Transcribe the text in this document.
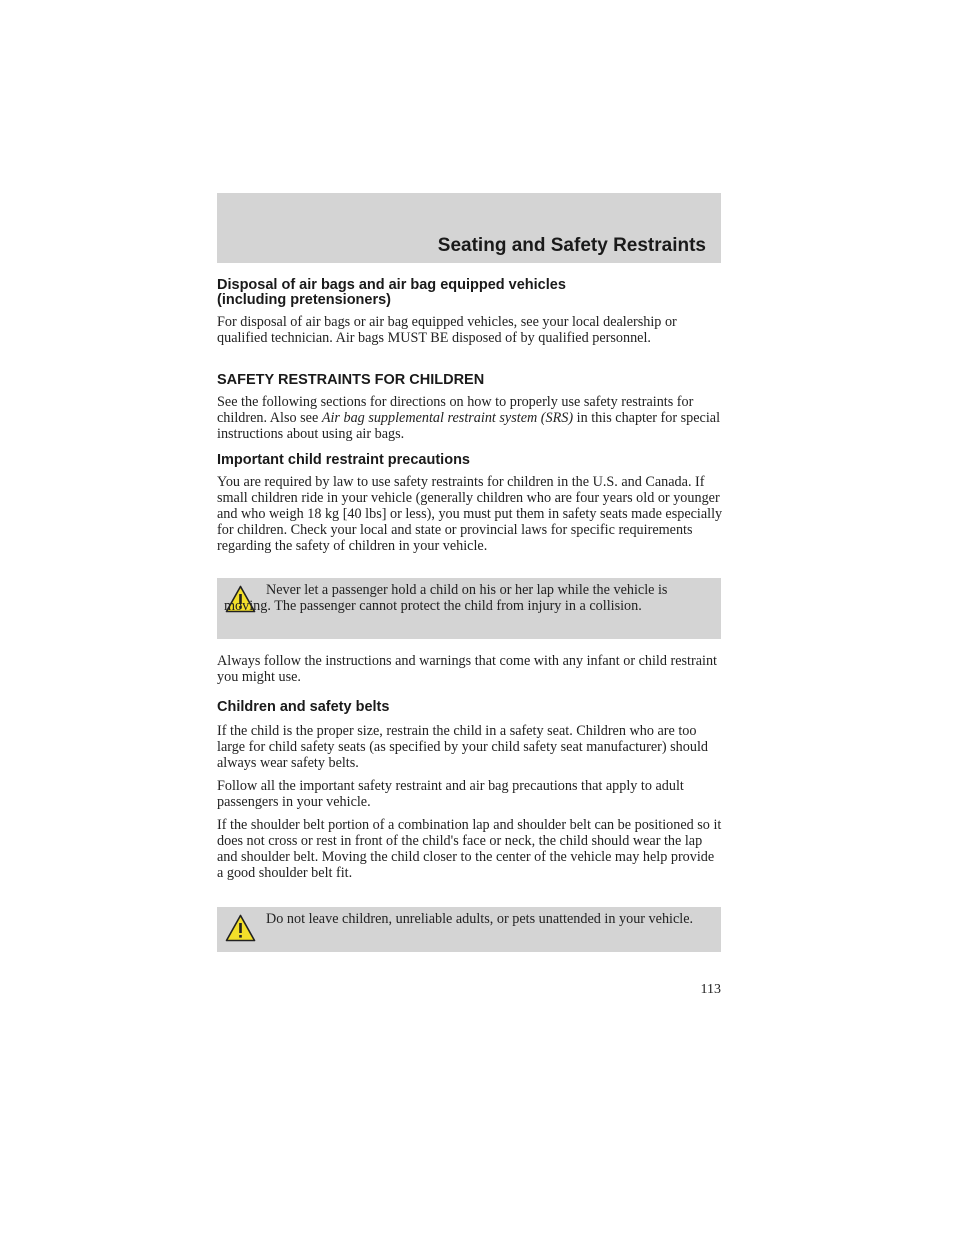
Seating and Safety Restraints
Disposal of air bags and air bag equipped vehicles
(including pretensioners)

For disposal of air bags or air bag equipped vehicles, see your local dealership or qualified technician. Air bags MUST BE disposed of by qualified personnel.

SAFETY RESTRAINTS FOR CHILDREN

See the following sections for directions on how to properly use safety restraints for children. Also see Air bag supplemental restraint system (SRS) in this chapter for special instructions about using air bags.

Important child restraint precautions

You are required by law to use safety restraints for children in the U.S. and Canada. If small children ride in your vehicle (generally children who are four years old or younger and who weigh 18 kg [40 lbs] or less), you must put them in safety seats made especially for children. Check your local and state or provincial laws for specific requirements regarding the safety of children in your vehicle.

Never let a passenger hold a child on his or her lap while the vehicle is moving. The passenger cannot protect the child from injury in a collision.

Always follow the instructions and warnings that come with any infant or child restraint you might use.

Children and safety belts

If the child is the proper size, restrain the child in a safety seat. Children who are too large for child safety seats (as specified by your child safety seat manufacturer) should always wear safety belts.

Follow all the important safety restraint and air bag precautions that apply to adult passengers in your vehicle.

If the shoulder belt portion of a combination lap and shoulder belt can be positioned so it does not cross or rest in front of the child's face or neck, the child should wear the lap and shoulder belt. Moving the child closer to the center of the vehicle may help provide a good shoulder belt fit.

Do not leave children, unreliable adults, or pets unattended in your vehicle.

113
